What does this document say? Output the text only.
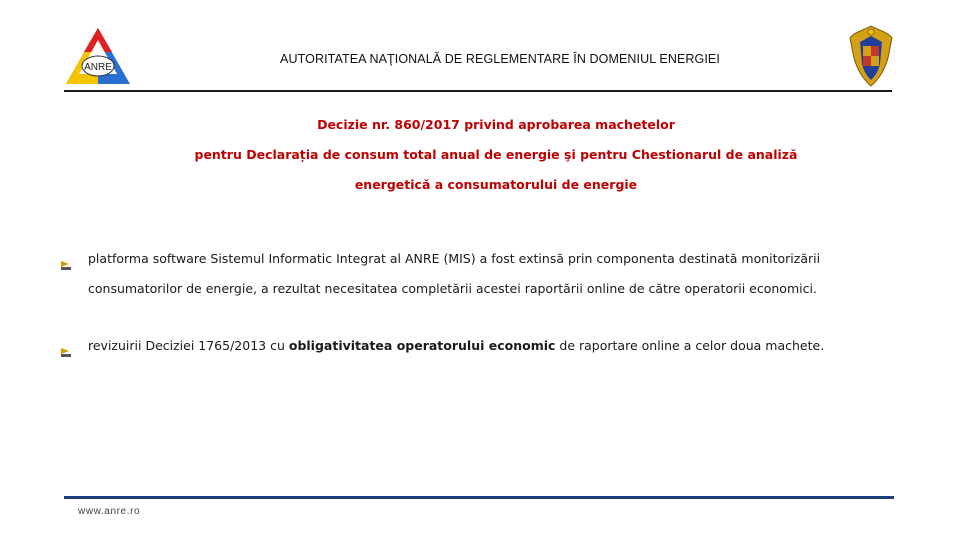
ANRE
AUTORITATEA NAŢIONALĂ DE REGLEMENTARE ÎN DOMENIUL ENERGIEI
Decizie nr. 860/2017 privind aprobarea machetelor
pentru Declarația de consum total anual de energie şi pentru Chestionarul de analiză
energetică a consumatorului de energie
platforma software Sistemul Informatic Integrat al ANRE (MIS) a fost extinsă prin componenta destinată monitorizării consumatorilor de energie, a rezultat necesitatea completării acestei raportării online de către operatorii economici.
revizuirii Deciziei 1765/2013 cu obligativitatea operatorului economic de raportare online a celor doua machete.
www.anre.ro
